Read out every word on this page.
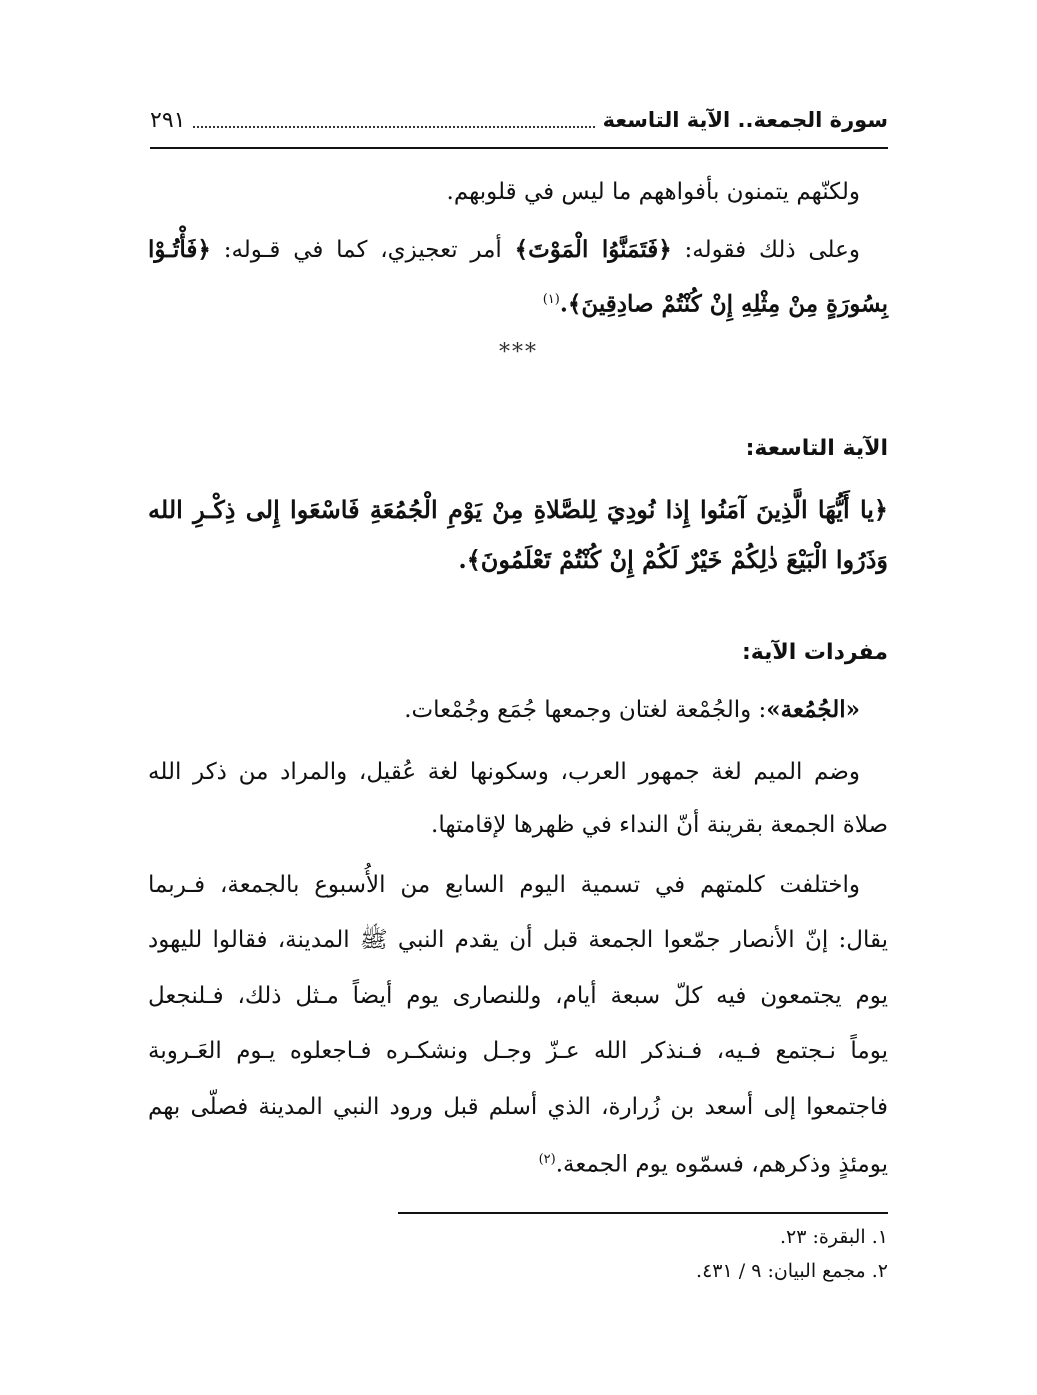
سورة الجمعة.. الآية التاسعة
٢٩١
ولكنّهم يتمنون بأفواههم ما ليس في قلوبهم.
وعلى ذلك فقوله: ﴿فَتَمَنَّوُا الْمَوْتَ﴾ أمر تعجيزي، كما في قـوله: ﴿فَأْتُـوْا
بِسُورَةٍ مِنْ مِثْلِهِ إِنْ كُنْتُمْ صادِقِينَ﴾.$^{(١)}$
***
الآية التاسعة:
﴿يا أَيُّهَا الَّذِينَ آمَنُوا إِذا نُودِيَ لِلصَّلاةِ مِنْ يَوْمِ الْجُمُعَةِ فَاسْعَوا إِلى ذِكْـرِ الله
وَذَرُوا الْبَيْعَ ذٰلِكُمْ خَيْرٌ لَكُمْ إِنْ كُنْتُمْ تَعْلَمُونَ﴾.
مفردات الآية:
«الجُمُعة»: والجُمْعة لغتان وجمعها جُمَع وجُمْعات.
وضم الميم لغة جمهور العرب، وسكونها لغة عُقيل، والمراد من ذكر الله
صلاة الجمعة بقرينة أنّ النداء في ظهرها لإقامتها.
واختلفت كلمتهم في تسمية اليوم السابع من الأُسبوع بالجمعة، فـربما
يقال: إنّ الأنصار جمّعوا الجمعة قبل أن يقدم النبي ﷺ المدينة، فقالوا لليهود
يوم يجتمعون فيه كلّ سبعة أيام، وللنصارى يوم أيضاً مـثل ذلك، فـلنجعل
يوماً نـجتمع فـيه، فـنذكر الله عـزّ وجـل ونشكـره فـاجعلوه يـوم العَـروبة
فاجتمعوا إلى أسعد بن زُرارة، الذي أسلم قبل ورود النبي المدينة فصلّى بهم
يومئذٍ وذكرهم، فسمّوه يوم الجمعة.$^{(٢)}$
١. البقرة: ٢٣.
٢. مجمع البيان: ٩ / ٤٣١.
